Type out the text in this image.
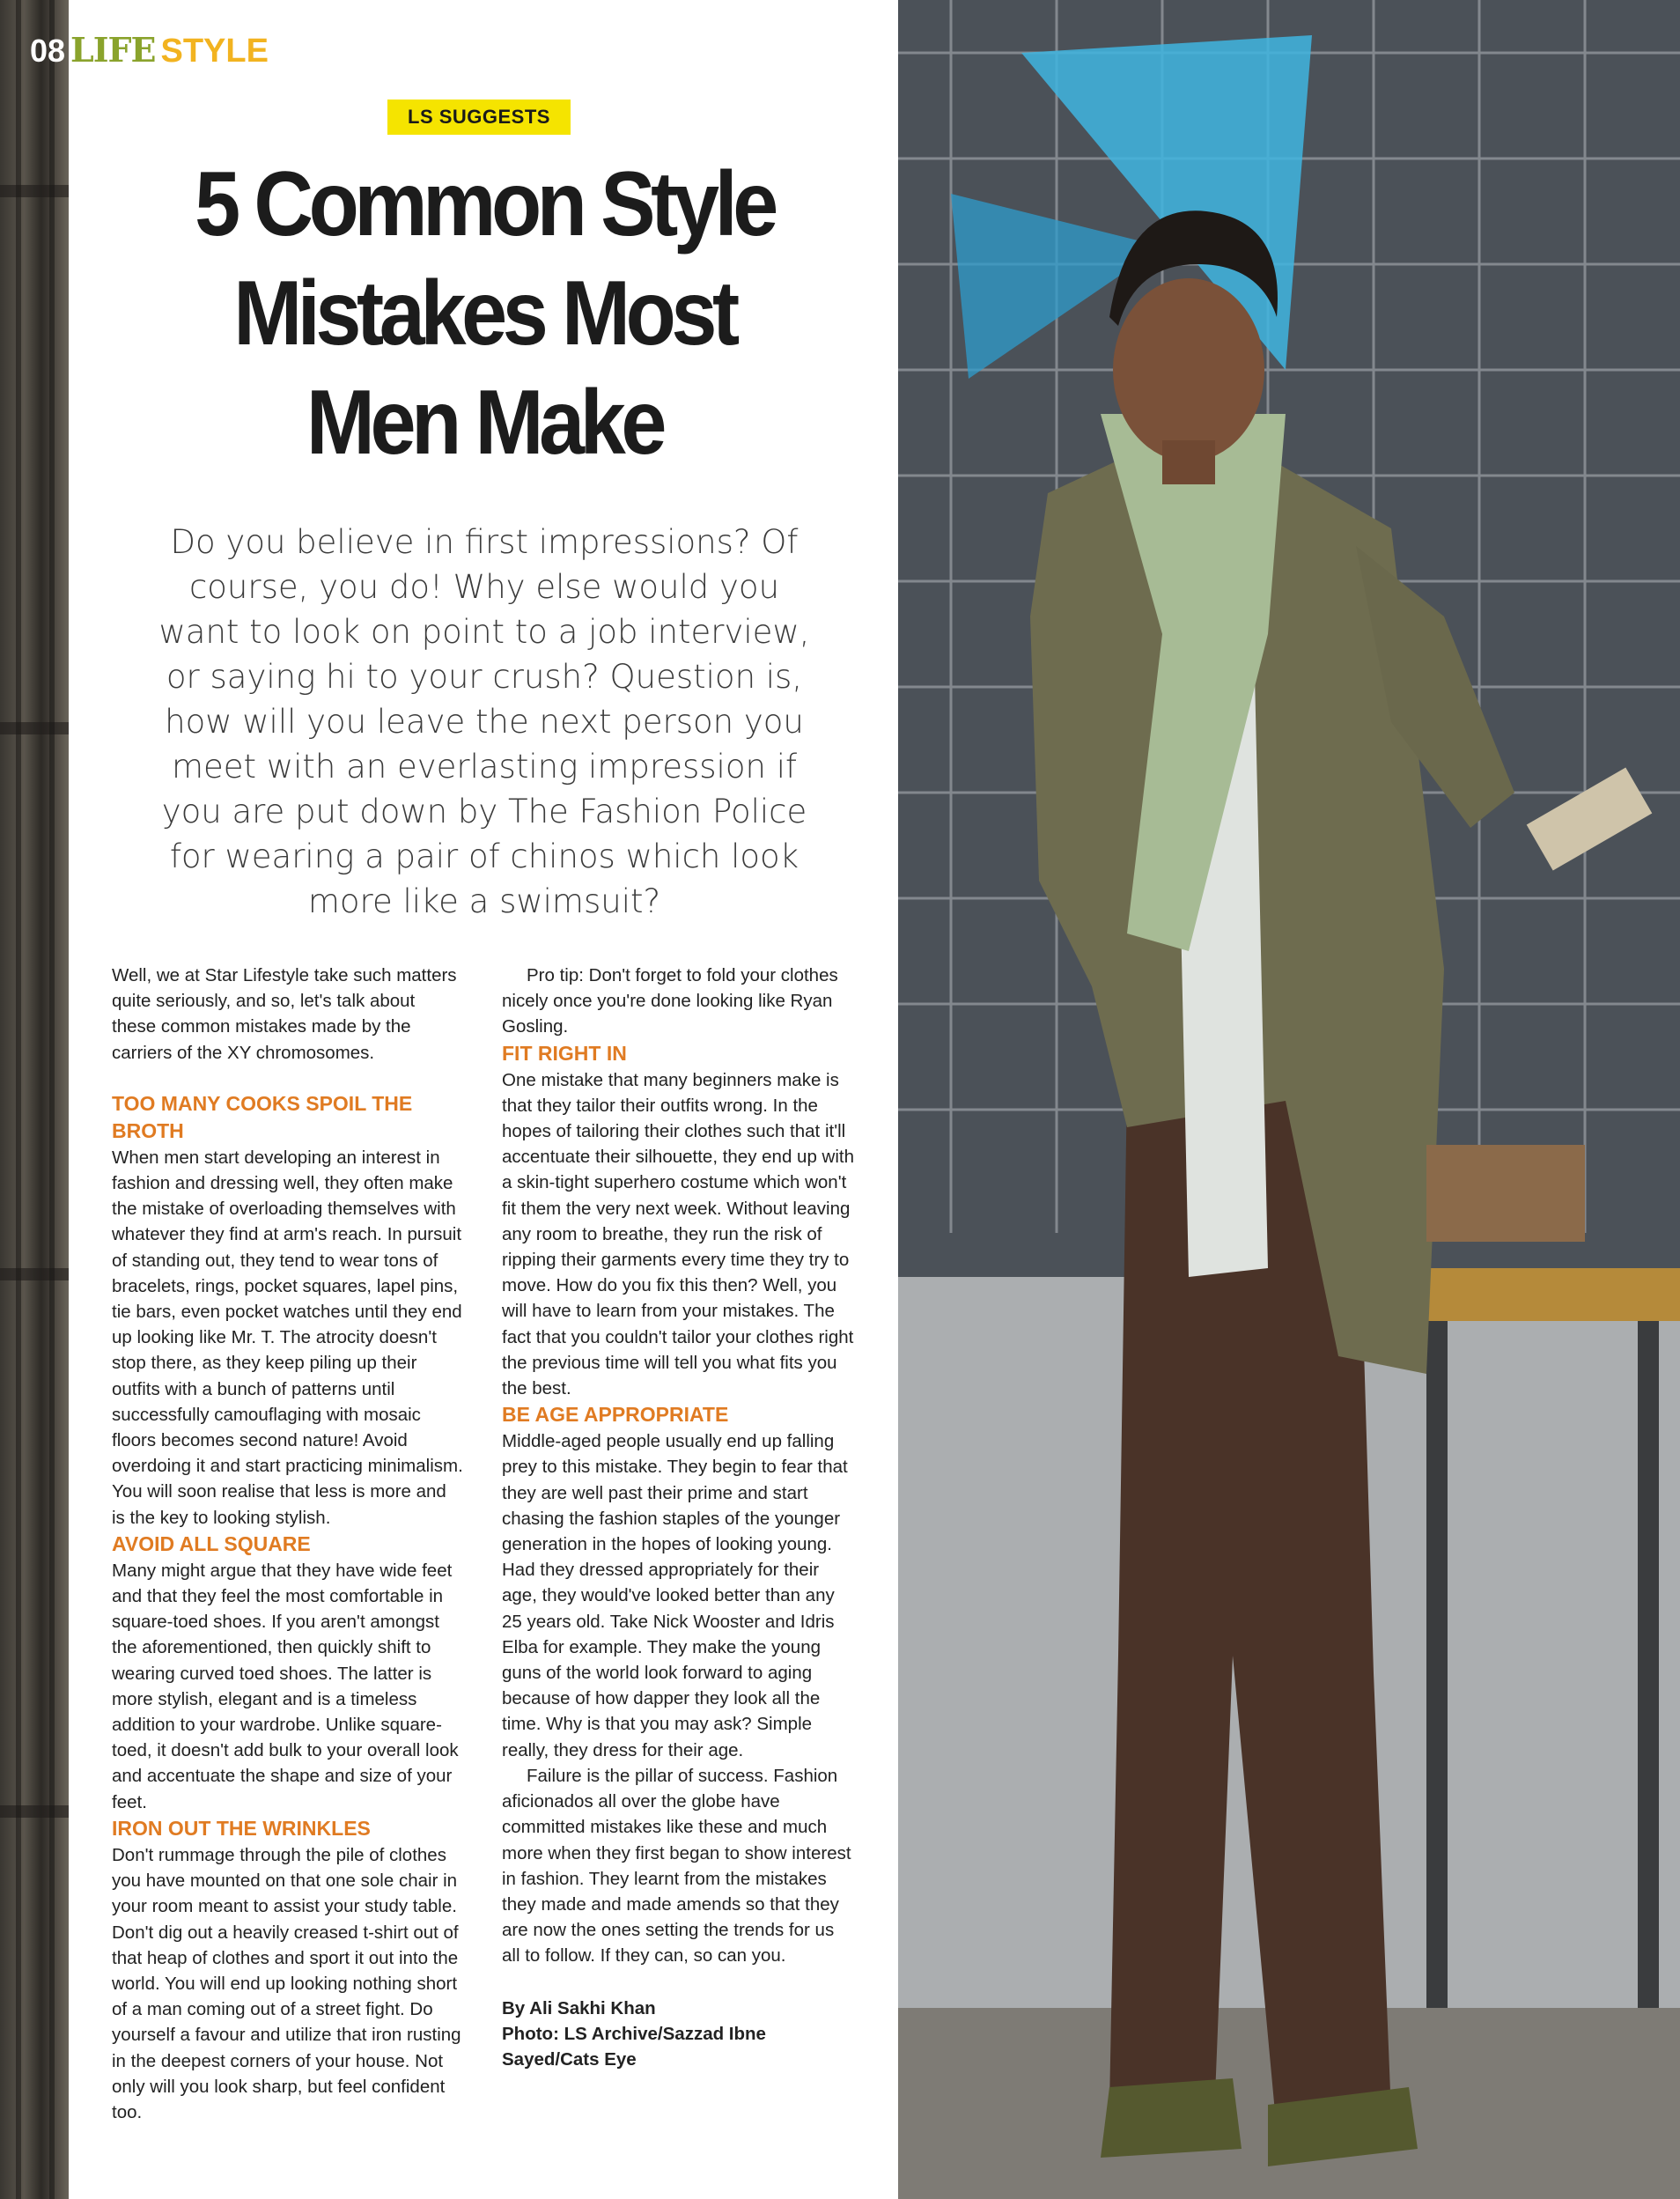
08 LIFE STYLE
LS SUGGESTS
5 Common Style
Mistakes Most
Men Make
Do you believe in first impressions? Of
course, you do! Why else would you
want to look on point to a job interview,
or saying hi to your crush? Question is,
how will you leave the next person you
meet with an everlasting impression if
you are put down by The Fashion Police
for wearing a pair of chinos which look
more like a swimsuit?

Well, we at Star Lifestyle take such matters quite seriously, and so, let's talk about these common mistakes made by the carriers of the XY chromosomes.

TOO MANY COOKS SPOIL THE BROTH

When men start developing an interest in fashion and dressing well, they often make the mistake of overloading themselves with whatever they find at arm's reach. In pursuit of standing out, they tend to wear tons of bracelets, rings, pocket squares, lapel pins, tie bars, even pocket watches until they end up looking like Mr. T. The atrocity doesn't stop there, as they keep piling up their outfits with a bunch of patterns until successfully camouflaging with mosaic floors becomes second nature! Avoid overdoing it and start practicing minimalism. You will soon realise that less is more and is the key to looking stylish.

AVOID ALL SQUARE

Many might argue that they have wide feet and that they feel the most comfortable in square-toed shoes. If you aren't amongst the aforementioned, then quickly shift to wearing curved toed shoes. The latter is more stylish, elegant and is a timeless addition to your wardrobe. Unlike square-toed, it doesn't add bulk to your overall look and accentuate the shape and size of your feet.

IRON OUT THE WRINKLES

Don't rummage through the pile of clothes you have mounted on that one sole chair in your room meant to assist your study table. Don't dig out a heavily creased t-shirt out of that heap of clothes and sport it out into the world. You will end up looking nothing short of a man coming out of a street fight. Do yourself a favour and utilize that iron rusting in the deepest corners of your house. Not only will you look sharp, but feel confident too.

Pro tip: Don't forget to fold your clothes nicely once you're done looking like Ryan Gosling.

FIT RIGHT IN

One mistake that many beginners make is that they tailor their outfits wrong. In the hopes of tailoring their clothes such that it'll accentuate their silhouette, they end up with a skin-tight superhero costume which won't fit them the very next week. Without leaving any room to breathe, they run the risk of ripping their garments every time they try to move. How do you fix this then? Well, you will have to learn from your mistakes. The fact that you couldn't tailor your clothes right the previous time will tell you what fits you the best.

BE AGE APPROPRIATE

Middle-aged people usually end up falling prey to this mistake. They begin to fear that they are well past their prime and start chasing the fashion staples of the younger generation in the hopes of looking young. Had they dressed appropriately for their age, they would've looked better than any 25 years old. Take Nick Wooster and Idris Elba for example. They make the young guns of the world look forward to aging because of how dapper they look all the time. Why is that you may ask? Simple really, they dress for their age.

Failure is the pillar of success. Fashion aficionados all over the globe have committed mistakes like these and much more when they first began to show interest in fashion. They learnt from the mistakes they made and made amends so that they are now the ones setting the trends for us all to follow. If they can, so can you.

By Ali Sakhi Khan
Photo: LS Archive/Sazzad Ibne Sayed/Cats Eye
